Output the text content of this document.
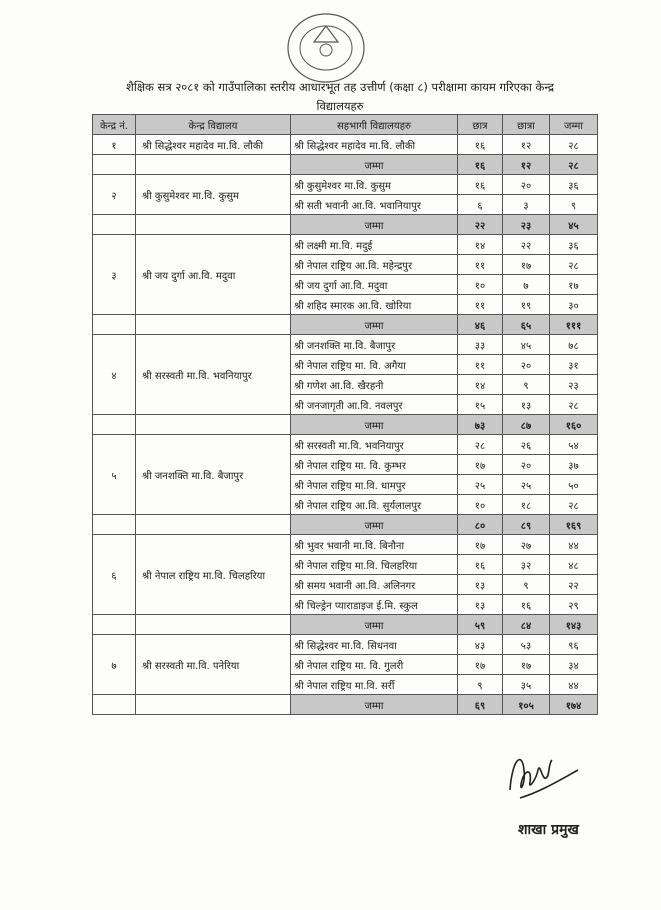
शैक्षिक सत्र २०८१ को गाउँपालिका स्तरीय आधारभूत तह उत्तीर्ण (कक्षा ८) परीक्षामा कायम गरिएका केन्द्र
विद्यालयहरु
केन्द्र नं.	केन्द्र विद्यालय	सहभागी विद्यालयहरु	छात्र	छात्रा	जम्मा
१	श्री सिद्धेश्वर महादेव मा.वि. लौकी	श्री सिद्धेश्वर महादेव मा.वि. लौकी	१६	१२	२८
		जम्मा	१६	१२	२८
२	श्री कुसुमेश्वर मा.वि. कुसुम	श्री कुसुमेश्वर मा.वि. कुसुम	१६	२०	३६
		श्री सती भवानी आ.वि. भवानियापुर	६	३	९
		जम्मा	२२	२३	४५
३	श्री जय दुर्गा आ.वि. मदुवा	श्री लक्ष्मी मा.वि. मदुई	१४	२२	३६
		श्री नेपाल राष्ट्रिय आ.वि. महेन्द्रपुर	११	१७	२८
		श्री जय दुर्गा आ.वि. मदुवा	१०	७	१७
		श्री शहिद स्मारक आ.वि. खोरिया	११	१९	३०
		जम्मा	४६	६५	१११
४	श्री सरस्वती मा.वि. भवनियापुर	श्री जनशक्ति मा.वि. बैजापुर	३३	४५	७८
		श्री नेपाल राष्ट्रिय मा. वि. अगैया	११	२०	३१
		श्री गणेश आ.वि. खैरहनी	१४	९	२३
		श्री जनजागृती आ.वि. नवलपुर	१५	१३	२८
		जम्मा	७३	८७	१६०
५	श्री जनशक्ति मा.वि. बैजापुर	श्री सरस्वती मा.वि. भवनियापुर	२८	२६	५४
		श्री नेपाल राष्ट्रिय मा. वि. कुम्भर	१७	२०	३७
		श्री नेपाल राष्ट्रिय मा.वि. धामपुर	२५	२५	५०
		श्री नेपाल राष्ट्रिय आ.वि. सुर्यलालपुर	१०	१८	२८
		जम्मा	८०	८९	१६९
६	श्री नेपाल राष्ट्रिय मा.वि. चिलहरिया	श्री भुवर भवानी मा.वि. बिनौना	१७	२७	४४
		श्री नेपाल राष्ट्रिय मा.वि. चिलहरिया	१६	३२	४८
		श्री समय भवानी आ.वि. अलिनगर	१३	९	२२
		श्री चिल्ड्रेन प्याराडाइज ई.मि. स्कुल	१३	१६	२९
		जम्मा	५९	८४	१४३
७	श्री सरस्वती मा.वि. पनेरिया	श्री सिद्धेश्वर मा.वि. सिधनवा	४३	५३	९६
		श्री नेपाल राष्ट्रिय मा. वि. गुलरी	१७	१७	३४
		श्री नेपाल राष्ट्रिय मा.वि. सर्री	९	३५	४४
		जम्मा	६९	१०५	१७४
शाखा प्रमुख
